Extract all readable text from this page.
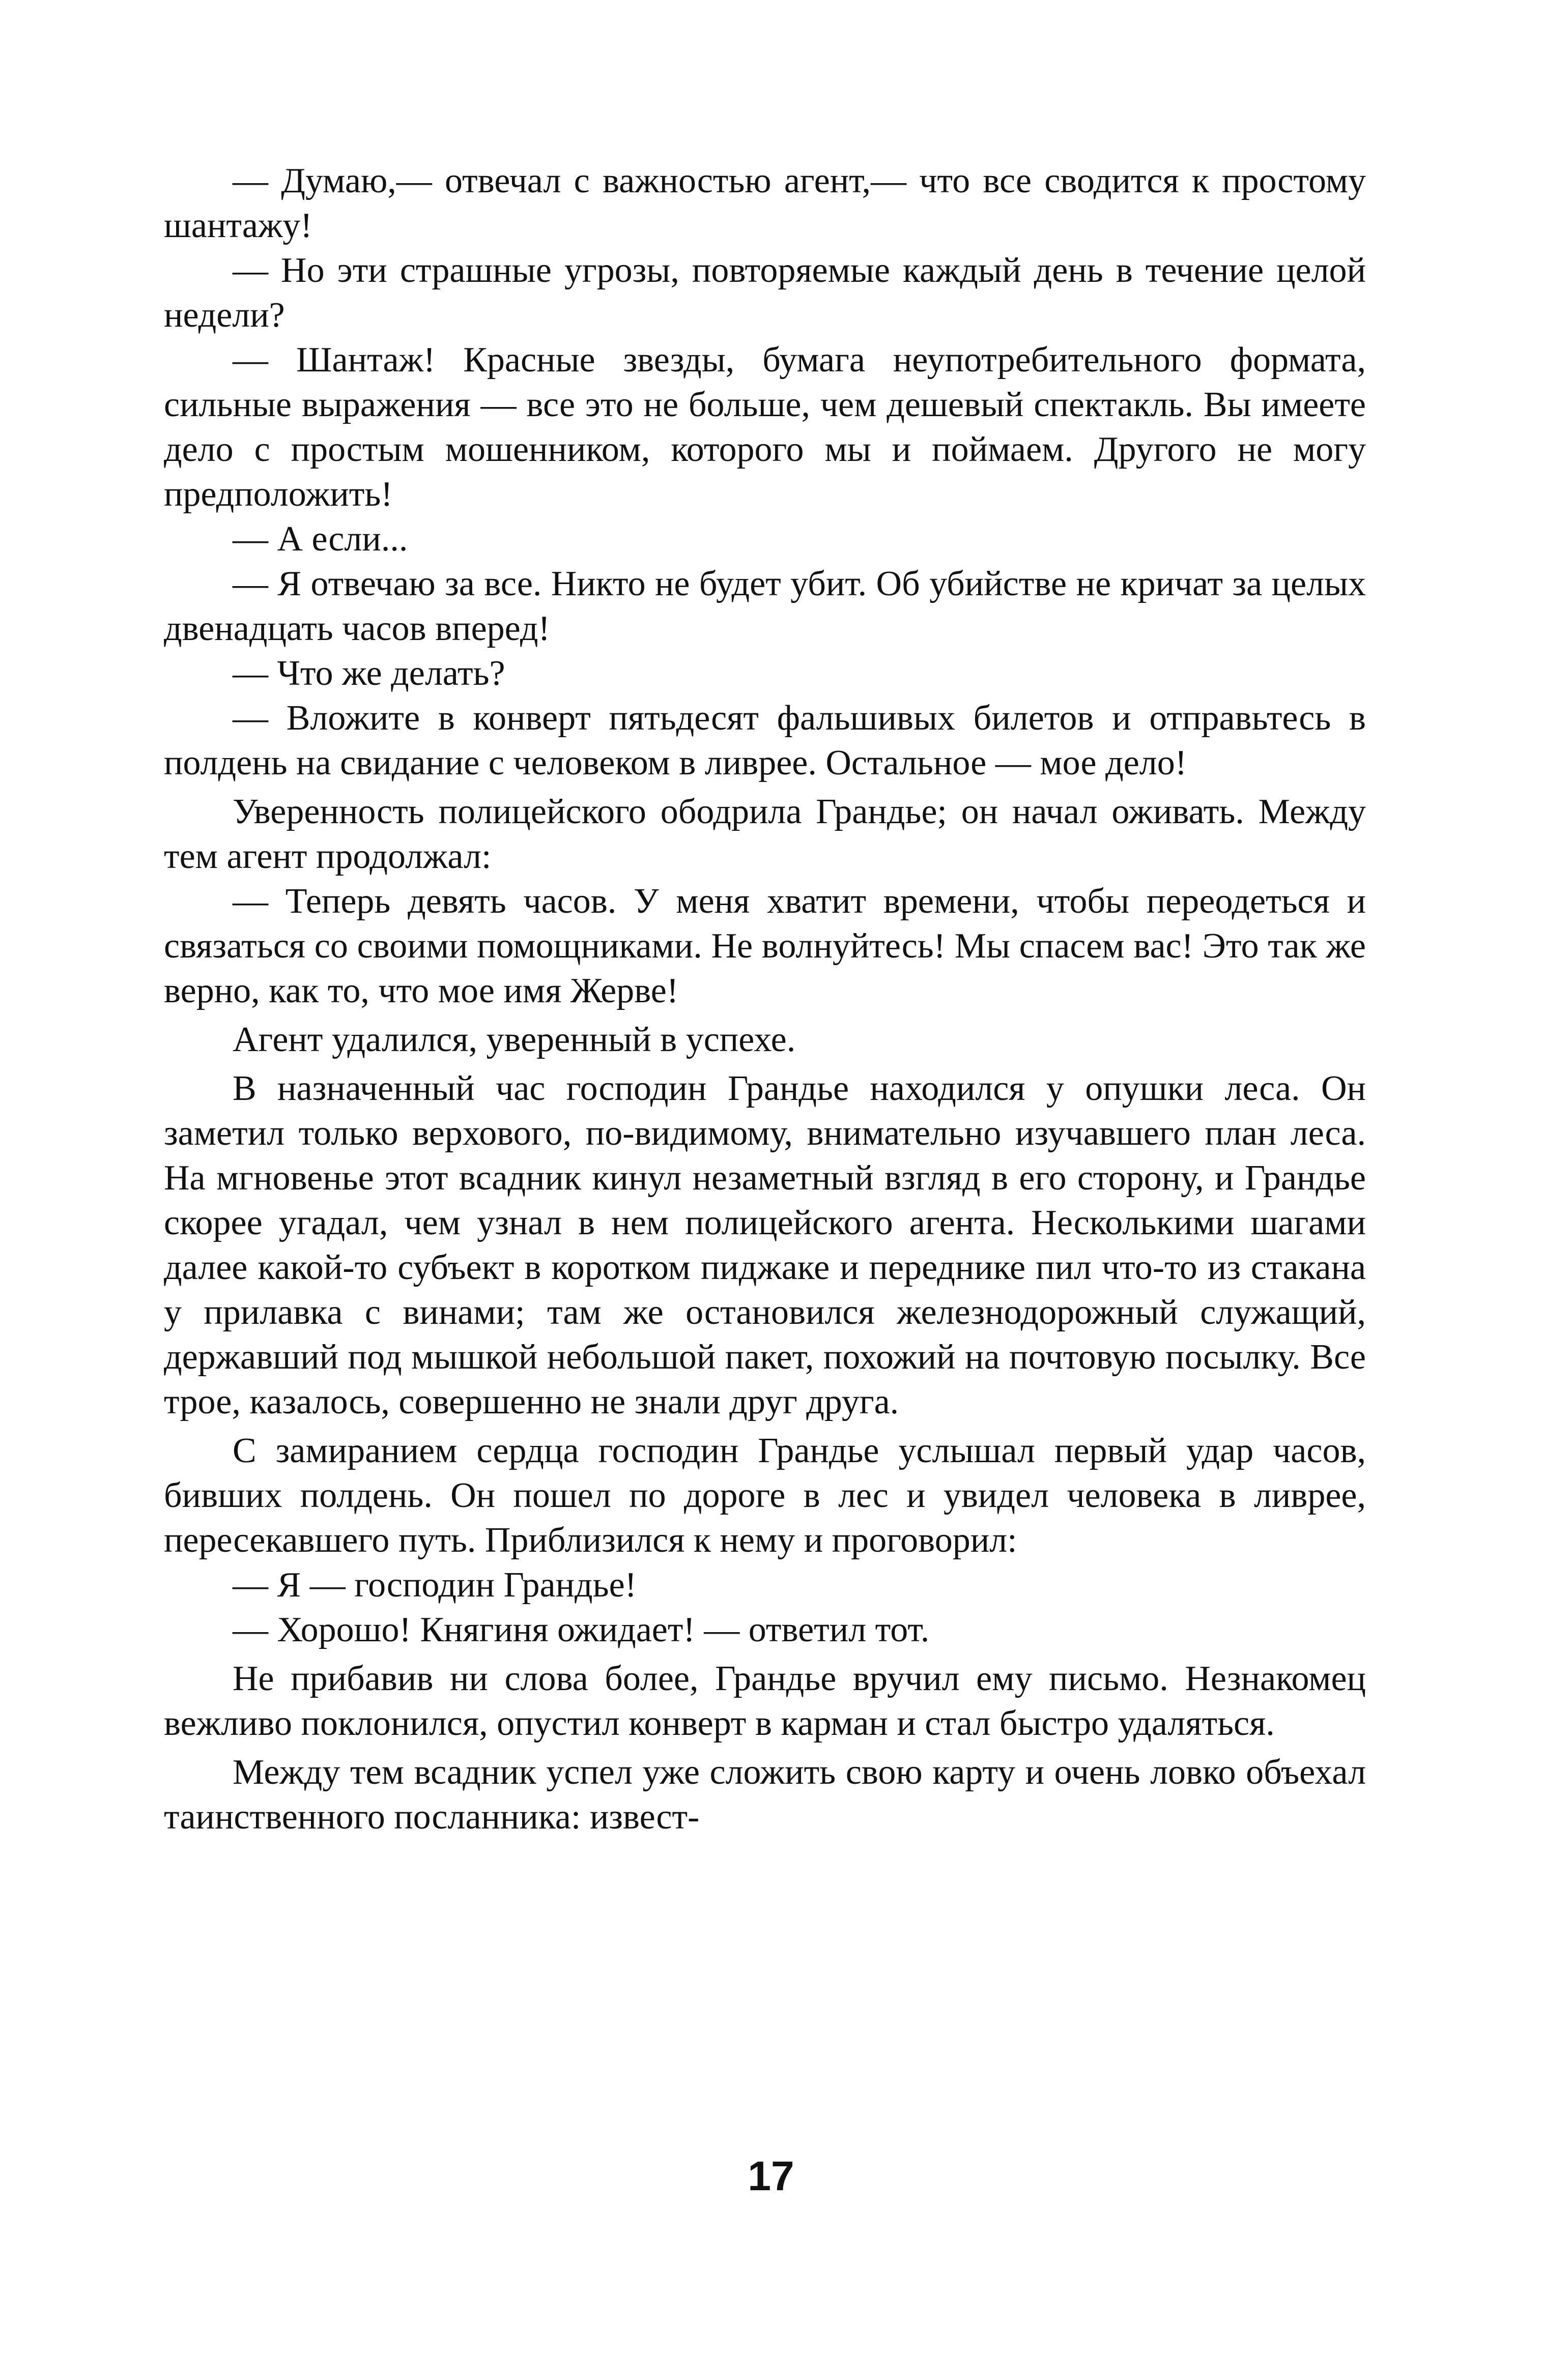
— Думаю,— отвечал с важностью агент,— что все сводится к простому шантажу!

— Но эти страшные угрозы, повторяемые каждый день в течение целой недели?

— Шантаж! Красные звезды, бумага неупотребительного формата, сильные выражения — все это не больше, чем дешевый спектакль. Вы имеете дело с простым мошенником, которого мы и поймаем. Другого не могу предположить!

— А если...

— Я отвечаю за все. Никто не будет убит. Об убийстве не кричат за целых двенадцать часов вперед!

— Что же делать?

— Вложите в конверт пятьдесят фальшивых билетов и отправьтесь в полдень на свидание с человеком в ливрее. Остальное — мое дело!

Уверенность полицейского ободрила Грандье; он начал оживать. Между тем агент продолжал:

— Теперь девять часов. У меня хватит времени, чтобы переодеться и связаться со своими помощниками. Не волнуйтесь! Мы спасем вас! Это так же верно, как то, что мое имя Жерве!

Агент удалился, уверенный в успехе.

В назначенный час господин Грандье находился у опушки леса. Он заметил только верхового, по-видимому, внимательно изучавшего план леса. На мгновенье этот всадник кинул незаметный взгляд в его сторону, и Грандье скорее угадал, чем узнал в нем полицейского агента. Несколькими шагами далее какой-то субъект в коротком пиджаке и переднике пил что-то из стакана у прилавка с винами; там же остановился железнодорожный служащий, державший под мышкой небольшой пакет, похожий на почтовую посылку. Все трое, казалось, совершенно не знали друг друга.

С замиранием сердца господин Грандье услышал первый удар часов, бивших полдень. Он пошел по дороге в лес и увидел человека в ливрее, пересекавшего путь. Приблизился к нему и проговорил:

— Я — господин Грандье!

— Хорошо! Княгиня ожидает! — ответил тот.

Не прибавив ни слова более, Грандье вручил ему письмо. Незнакомец вежливо поклонился, опустил конверт в карман и стал быстро удаляться.

Между тем всадник успел уже сложить свою карту и очень ловко объехал таинственного посланника: извест-

17
